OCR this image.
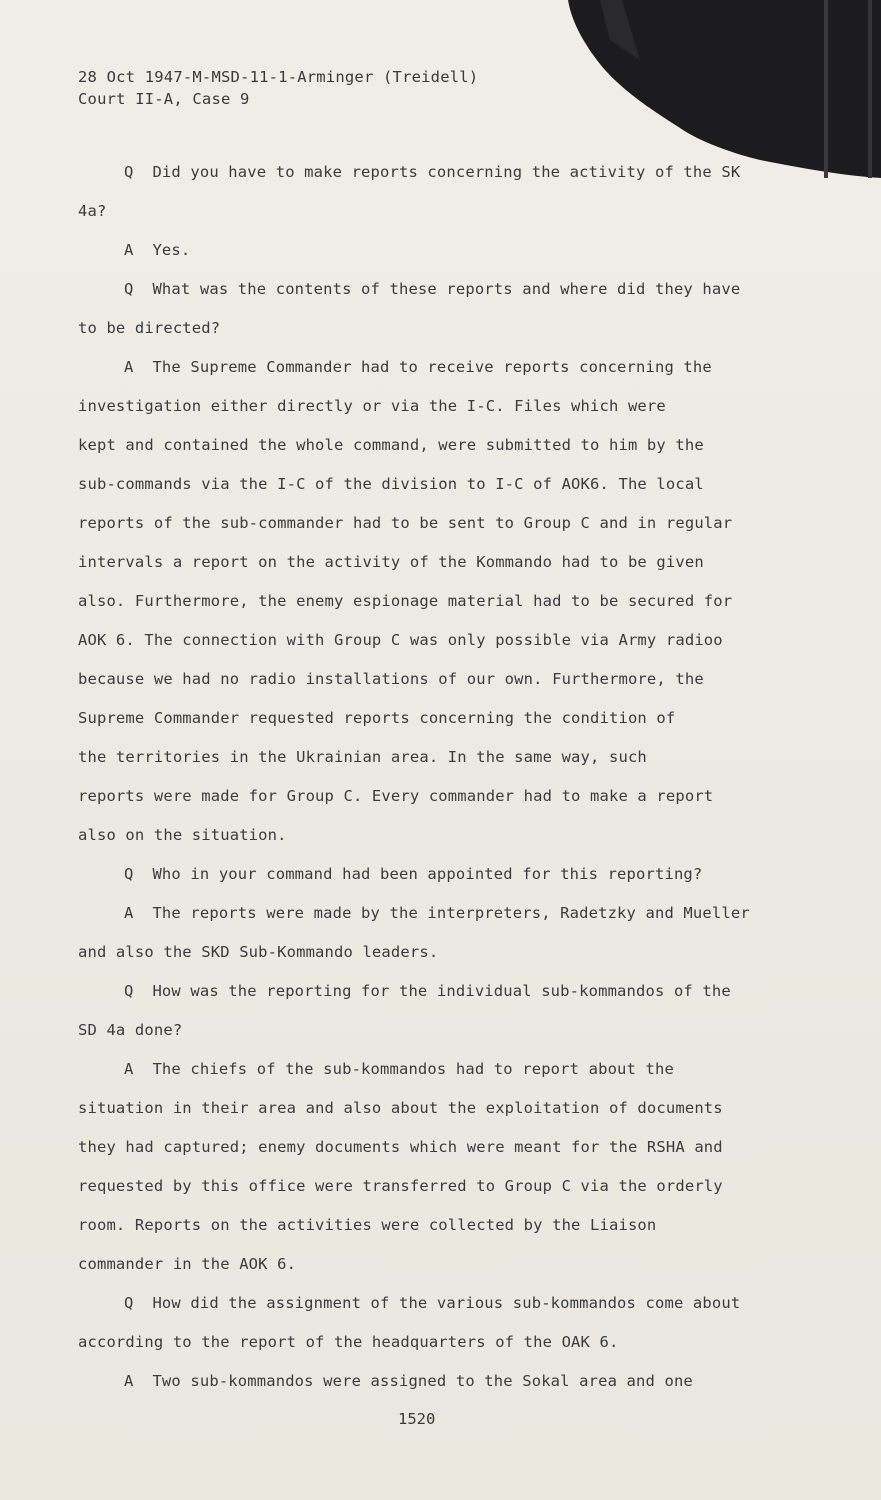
28 Oct 1947-M-MSD-11-1-Arminger (Treidell)
Court II-A, Case 9
Q  Did you have to make reports concerning the activity of the SK
4a?
A  Yes.
Q  What was the contents of these reports and where did they have
to be directed?
A  The Supreme Commander had to receive reports concerning the
investigation either directly or via the I-C. Files which were
kept and contained the whole command, were submitted to him by the
sub-commands via the I-C of the division to I-C of AOK6. The local
reports of the sub-commander had to be sent to Group C and in regular
intervals a report on the activity of the Kommando had to be given
also. Furthermore, the enemy espionage material had to be secured for
AOK 6. The connection with Group C was only possible via Army radioo
because we had no radio installations of our own. Furthermore, the
Supreme Commander requested reports concerning the condition of
the territories in the Ukrainian area. In the same way, such
reports were made for Group C. Every commander had to make a report
also on the situation.
Q  Who in your command had been appointed for this reporting?
A  The reports were made by the interpreters, Radetzky and Mueller
and also the SKD Sub-Kommando leaders.
Q  How was the reporting for the individual sub-kommandos of the
SD 4a done?
A  The chiefs of the sub-kommandos had to report about the
situation in their area and also about the exploitation of documents
they had captured; enemy documents which were meant for the RSHA and
requested by this office were transferred to Group C via the orderly
room. Reports on the activities were collected by the Liaison
commander in the AOK 6.
Q  How did the assignment of the various sub-kommandos come about
according to the report of the headquarters of the OAK 6.
A  Two sub-kommandos were assigned to the Sokal area and one
1520
